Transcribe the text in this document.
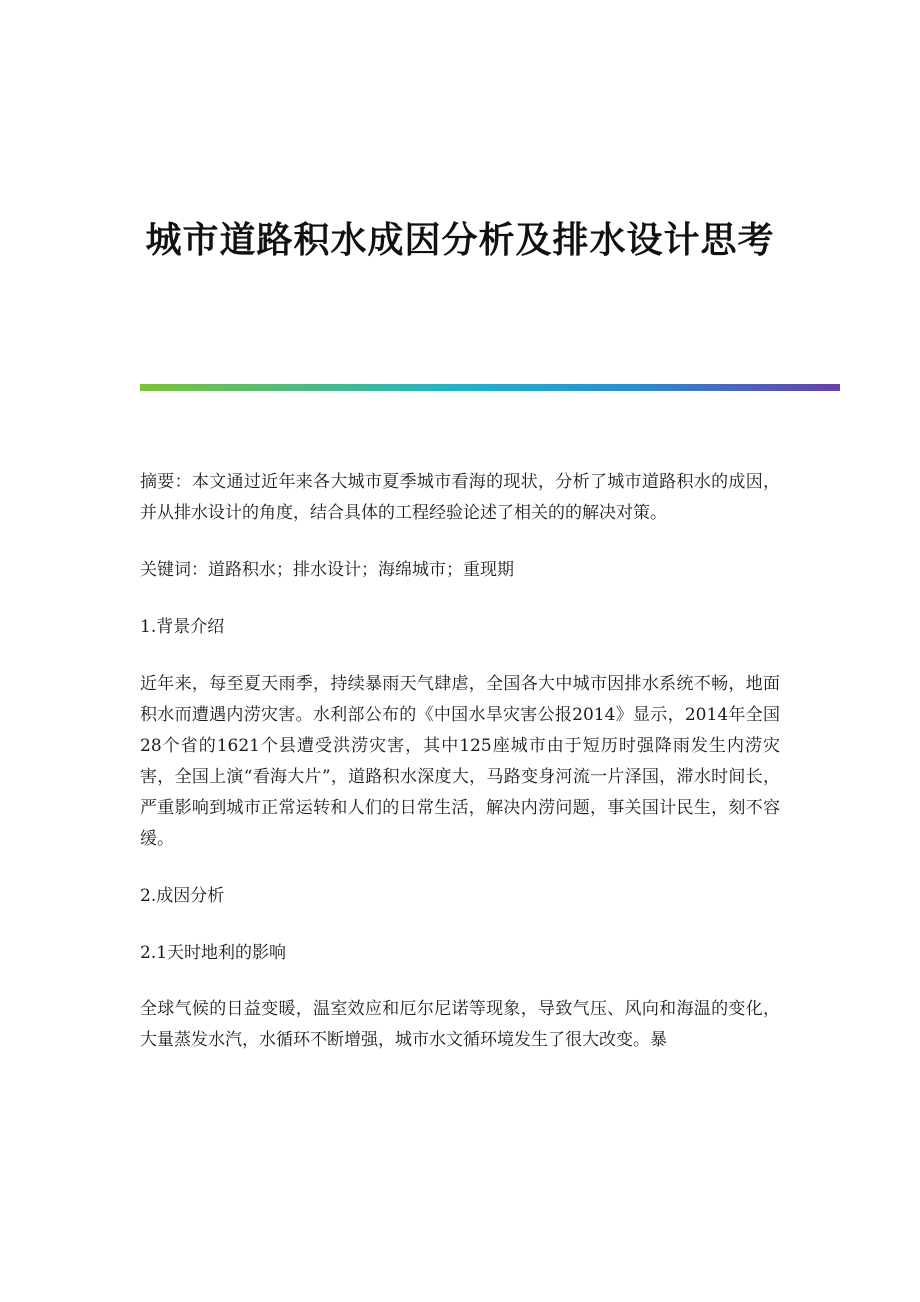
城市道路积水成因分析及排水设计思考

摘要：本文通过近年来各大城市夏季城市看海的现状，分析了城市道路积水的成因，并从排水设计的角度，结合具体的工程经验论述了相关的的解决对策。

关键词：道路积水；排水设计；海绵城市；重现期

1.背景介绍

近年来，每至夏天雨季，持续暴雨天气肆虐，全国各大中城市因排水系统不畅，地面积水而遭遇内涝灾害。水利部公布的《中国水旱灾害公报2014》显示，2014年全国28个省的1621个县遭受洪涝灾害，其中125座城市由于短历时强降雨发生内涝灾害，全国上演“看海大片”，道路积水深度大，马路变身河流一片泽国，滞水时间长，严重影响到城市正常运转和人们的日常生活，解决内涝问题，事关国计民生，刻不容缓。

2.成因分析

2.1天时地利的影响

全球气候的日益变暖，温室效应和厄尔尼诺等现象，导致气压、风向和海温的变化，大量蒸发水汽，水循环不断增强，城市水文循环境发生了很大改变。暴
